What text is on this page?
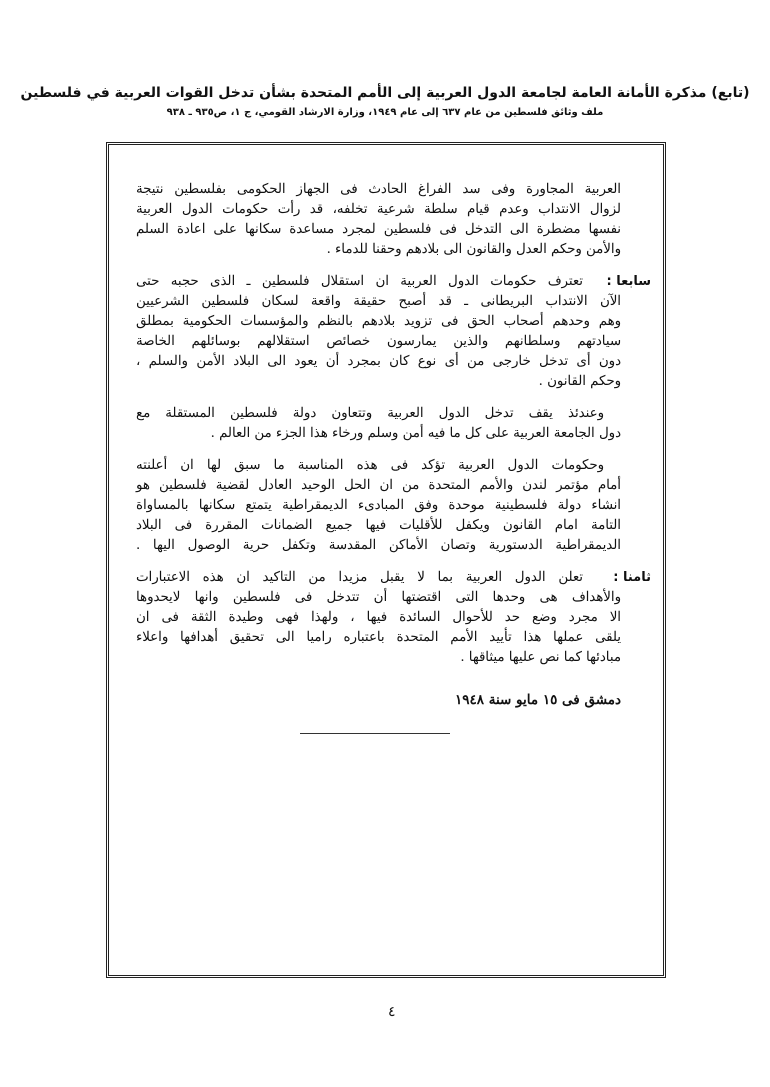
(تابع) مذكرة الأمانة العامة لجامعة الدول العربية إلى الأمم المتحدة بشأن تدخل القوات العربية في فلسطين
ملف وثائق فلسطين من عام ٦٣٧ إلى عام ١٩٤٩، وزارة الارشاد القومي، ج ١، ص٩٣٥ ـ ٩٣٨
العربية المجاورة وفى سد الفراغ الحادث فى الجهاز الحكومى بفلسطين نتيجة
لزوال الانتداب وعدم قيام سلطة شرعية تخلفه، قد رأت حكومات الدول العربية
نفسها مضطرة الى التدخل فى فلسطين لمجرد مساعدة سكانها على اعادة السلم
والأمن وحكم العدل والقانون الى بلادهم وحقنا للدماء .
سابعا :
تعترف حكومات الدول العربية ان استقلال فلسطين ـ الذى حجبه حتى
الآن الانتداب البريطانى ـ قد أصبح حقيقة واقعة لسكان فلسطين الشرعيين
وهم وحدهم أصحاب الحق فى تزويد بلادهم بالنظم والمؤسسات الحكومية بمطلق
سيادتهم وسلطانهم والذين يمارسون خصائص استقلالهم بوسائلهم الخاصة
دون أى تدخل خارجى من أى نوع كان بمجرد أن يعود الى البلاد الأمن والسلم ،
وحكم القانون .
وعندئذ يقف تدخل الدول العربية وتتعاون دولة فلسطين المستقلة مع
دول الجامعة العربية على كل ما فيه أمن وسلم ورخاء هذا الجزء من العالم .
وحكومات الدول العربية تؤكد فى هذه المناسبة ما سبق لها ان أعلنته
أمام مؤتمر لندن والأمم المتحدة من ان الحل الوحيد العادل لقضية فلسطين هو
انشاء دولة فلسطينية موحدة وفق المبادىء الديمقراطية يتمتع سكانها بالمساواة
التامة امام القانون ويكفل للأقليات فيها جميع الضمانات المقررة فى البلاد
الديمقراطية الدستورية وتصان الأماكن المقدسة وتكفل حرية الوصول اليها .
ثامنا :
تعلن الدول العربية بما لا يقبل مزيدا من التاكيد ان هذه الاعتبارات
والأهداف هى وحدها التى اقتضتها أن تتدخل فى فلسطين وانها لايحدوها
الا مجرد وضع حد للأحوال السائدة فيها ، ولهذا فهى وطيدة الثقة فى ان
يلقى عملها هذا تأييد الأمم المتحدة باعتباره راميا الى تحقيق أهدافها واعلاء
مبادئها كما نص عليها ميثاقها .
دمشق فى ١٥ مايو سنة ١٩٤٨
٤
